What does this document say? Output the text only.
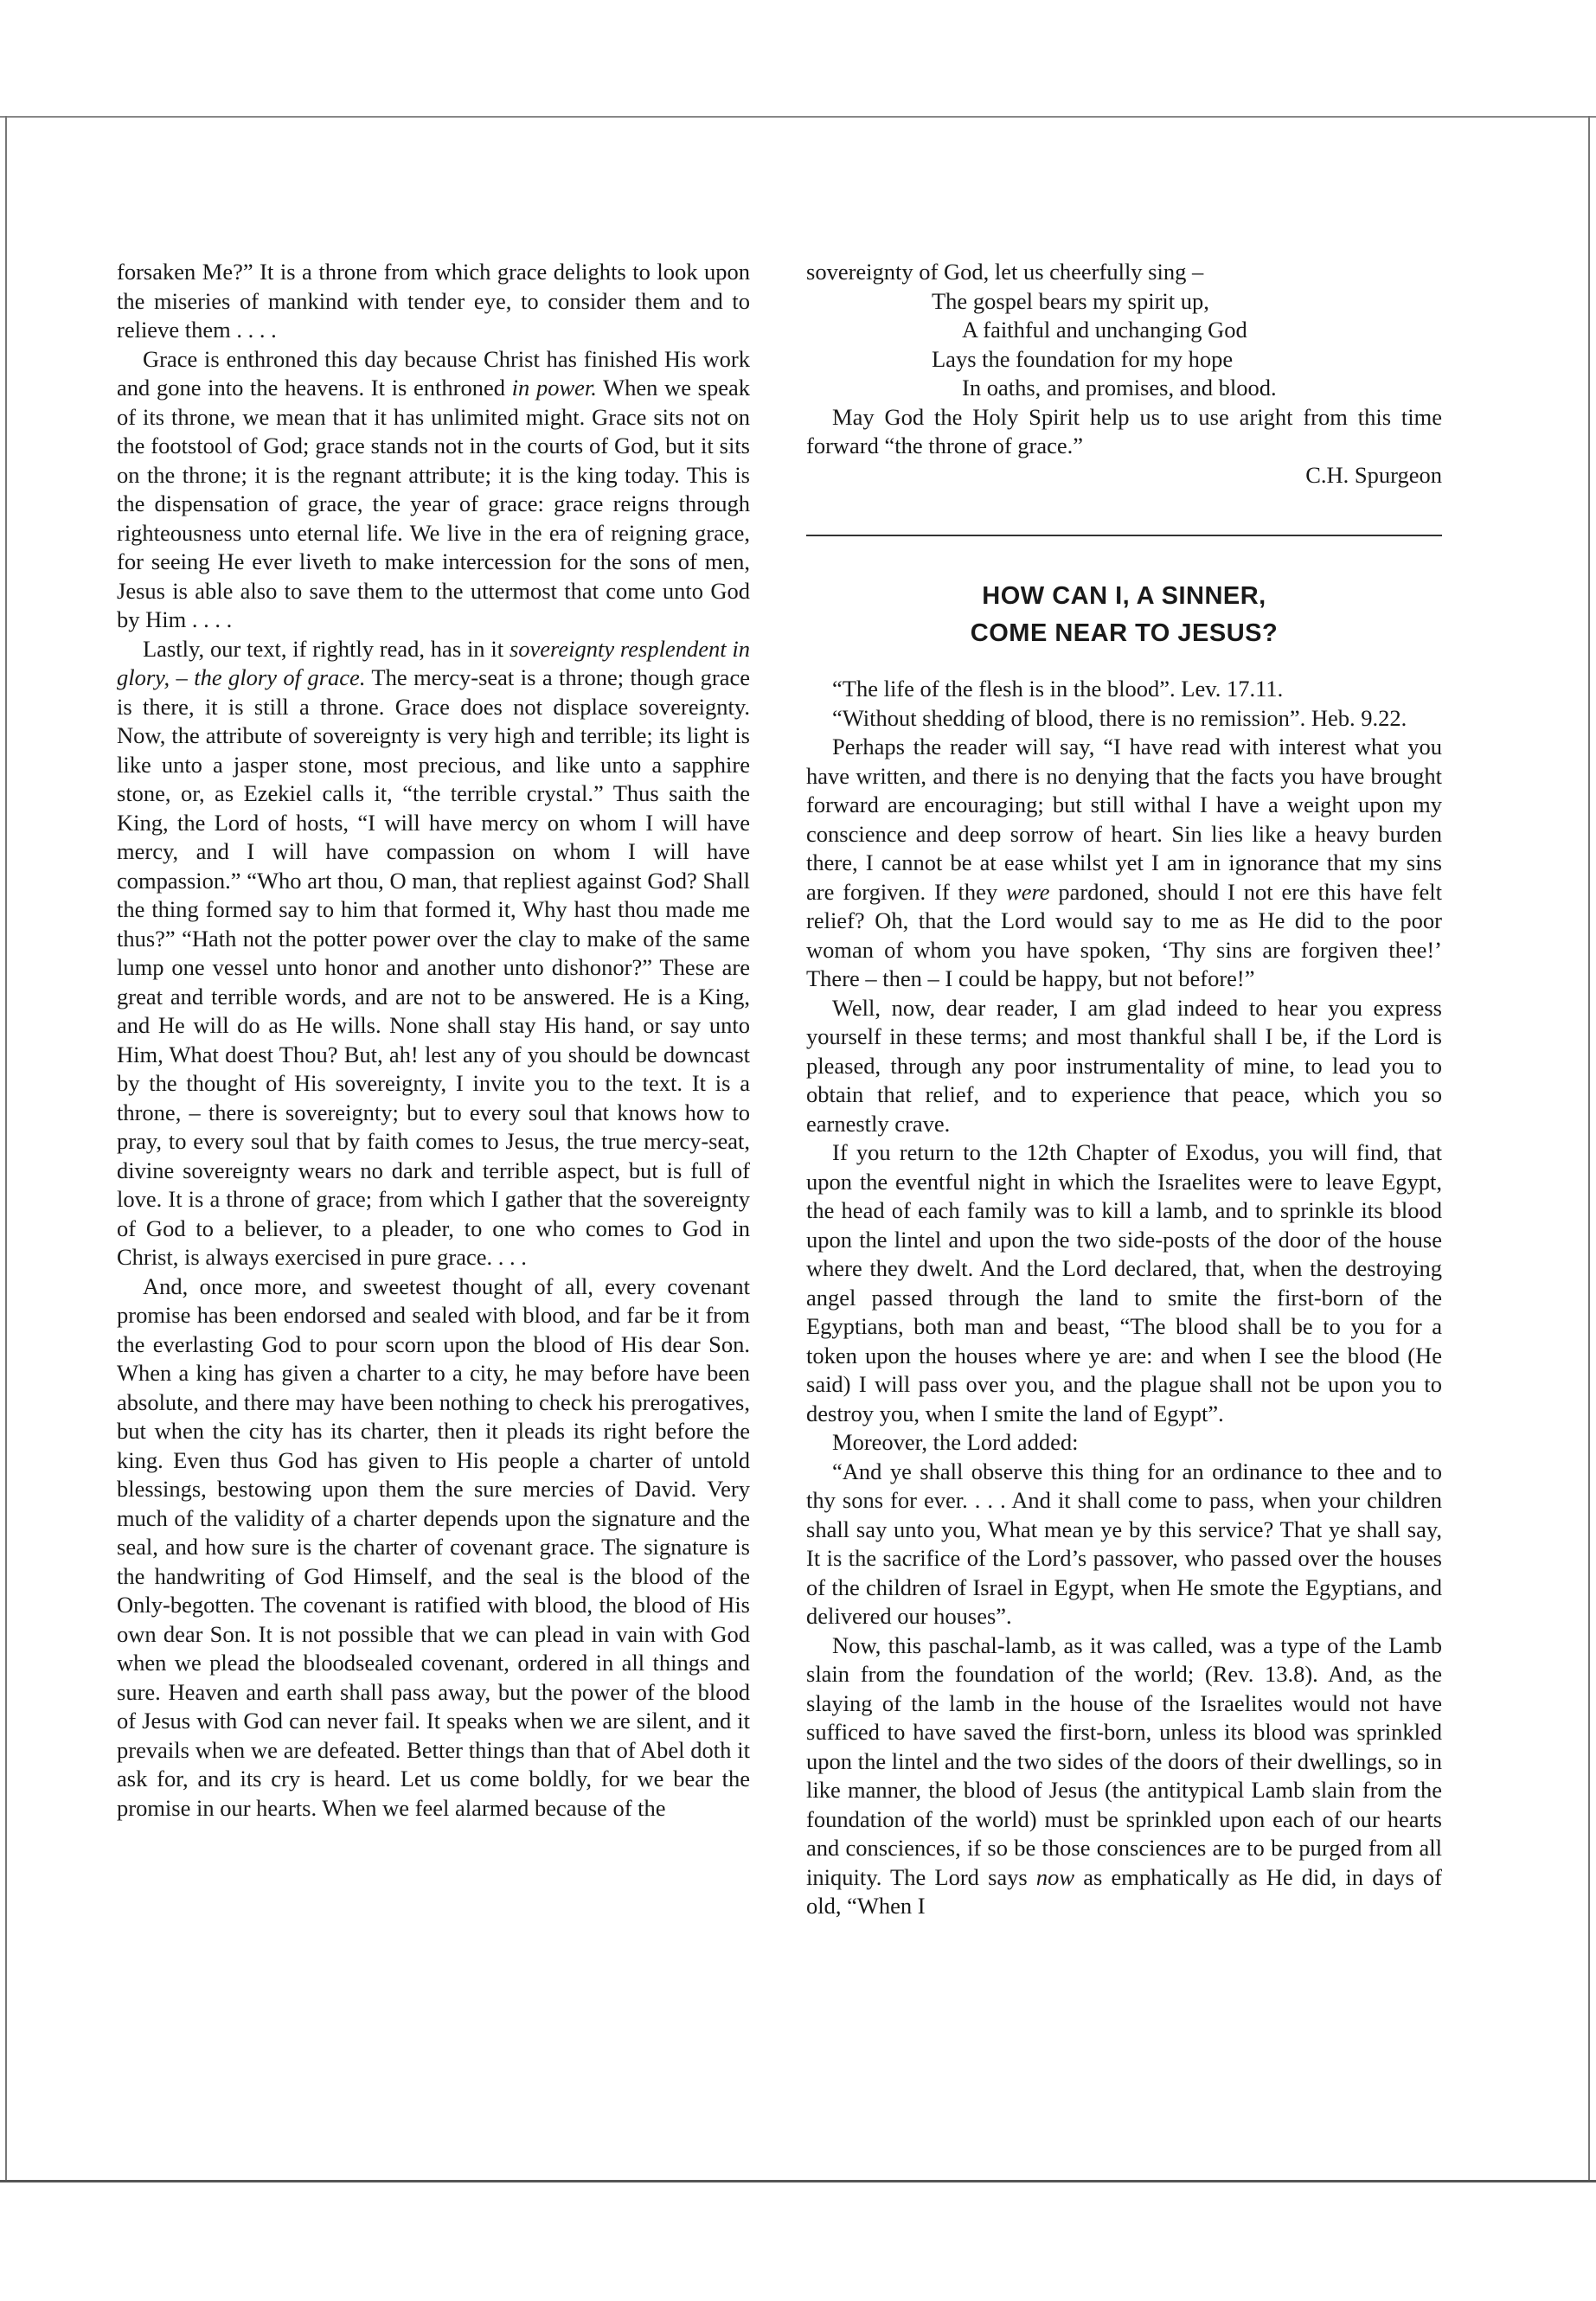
forsaken Me?” It is a throne from which grace delights to look upon the miseries of mankind with tender eye, to consider them and to relieve them . . . .

Grace is enthroned this day because Christ has finished His work and gone into the heavens. It is enthroned in power. When we speak of its throne, we mean that it has unlimited might. Grace sits not on the footstool of God; grace stands not in the courts of God, but it sits on the throne; it is the regnant attribute; it is the king today. This is the dispensation of grace, the year of grace: grace reigns through righteousness unto eternal life. We live in the era of reigning grace, for seeing He ever liveth to make intercession for the sons of men, Jesus is able also to save them to the uttermost that come unto God by Him . . . .

Lastly, our text, if rightly read, has in it sovereignty resplendent in glory, – the glory of grace. The mercy-seat is a throne; though grace is there, it is still a throne. Grace does not displace sovereignty. Now, the attribute of sovereignty is very high and terrible; its light is like unto a jasper stone, most precious, and like unto a sapphire stone, or, as Ezekiel calls it, “the terrible crystal.” Thus saith the King, the Lord of hosts, “I will have mercy on whom I will have mercy, and I will have compassion on whom I will have compassion.” “Who art thou, O man, that repliest against God? Shall the thing formed say to him that formed it, Why hast thou made me thus?” “Hath not the potter power over the clay to make of the same lump one vessel unto honor and another unto dishonor?” These are great and terrible words, and are not to be answered. He is a King, and He will do as He wills. None shall stay His hand, or say unto Him, What doest Thou? But, ah! lest any of you should be downcast by the thought of His sovereignty, I invite you to the text. It is a throne, – there is sovereignty; but to every soul that knows how to pray, to every soul that by faith comes to Jesus, the true mercy-seat, divine sovereignty wears no dark and terrible aspect, but is full of love. It is a throne of grace; from which I gather that the sovereignty of God to a believer, to a pleader, to one who comes to God in Christ, is always exercised in pure grace. . . .

And, once more, and sweetest thought of all, every covenant promise has been endorsed and sealed with blood, and far be it from the everlasting God to pour scorn upon the blood of His dear Son. When a king has given a charter to a city, he may before have been absolute, and there may have been nothing to check his prerogatives, but when the city has its charter, then it pleads its right before the king. Even thus God has given to His people a charter of untold blessings, bestowing upon them the sure mercies of David. Very much of the validity of a charter depends upon the signature and the seal, and how sure is the charter of covenant grace. The signature is the handwriting of God Himself, and the seal is the blood of the Only-begotten. The covenant is ratified with blood, the blood of His own dear Son. It is not possible that we can plead in vain with God when we plead the bloodsealed covenant, ordered in all things and sure. Heaven and earth shall pass away, but the power of the blood of Jesus with God can never fail. It speaks when we are silent, and it prevails when we are defeated. Better things than that of Abel doth it ask for, and its cry is heard. Let us come boldly, for we bear the promise in our hearts. When we feel alarmed because of the

sovereignty of God, let us cheerfully sing –

The gospel bears my spirit up,
A faithful and unchanging God
Lays the foundation for my hope
In oaths, and promises, and blood.

May God the Holy Spirit help us to use aright from this time forward “the throne of grace.”

C.H. Spurgeon

HOW CAN I, A SINNER,
COME NEAR TO JESUS?

“The life of the flesh is in the blood”. Lev. 17.11.

“Without shedding of blood, there is no remission”. Heb. 9.22.

Perhaps the reader will say, “I have read with interest what you have written, and there is no denying that the facts you have brought forward are encouraging; but still withal I have a weight upon my conscience and deep sorrow of heart. Sin lies like a heavy burden there, I cannot be at ease whilst yet I am in ignorance that my sins are forgiven. If they were pardoned, should I not ere this have felt relief? Oh, that the Lord would say to me as He did to the poor woman of whom you have spoken, ‘Thy sins are forgiven thee!’ There – then – I could be happy, but not before!”

Well, now, dear reader, I am glad indeed to hear you express yourself in these terms; and most thankful shall I be, if the Lord is pleased, through any poor instrumentality of mine, to lead you to obtain that relief, and to experience that peace, which you so earnestly crave.

If you return to the 12th Chapter of Exodus, you will find, that upon the eventful night in which the Israelites were to leave Egypt, the head of each family was to kill a lamb, and to sprinkle its blood upon the lintel and upon the two side-posts of the door of the house where they dwelt. And the Lord declared, that, when the destroying angel passed through the land to smite the first-born of the Egyptians, both man and beast, “The blood shall be to you for a token upon the houses where ye are: and when I see the blood (He said) I will pass over you, and the plague shall not be upon you to destroy you, when I smite the land of Egypt”.

Moreover, the Lord added:

“And ye shall observe this thing for an ordinance to thee and to thy sons for ever. . . . And it shall come to pass, when your children shall say unto you, What mean ye by this service? That ye shall say, It is the sacrifice of the Lord’s passover, who passed over the houses of the children of Israel in Egypt, when He smote the Egyptians, and delivered our houses”.

Now, this paschal-lamb, as it was called, was a type of the Lamb slain from the foundation of the world; (Rev. 13.8). And, as the slaying of the lamb in the house of the Israelites would not have sufficed to have saved the first-born, unless its blood was sprinkled upon the lintel and the two sides of the doors of their dwellings, so in like manner, the blood of Jesus (the antitypical Lamb slain from the foundation of the world) must be sprinkled upon each of our hearts and consciences, if so be those consciences are to be purged from all iniquity. The Lord says now as emphatically as He did, in days of old, “When I
